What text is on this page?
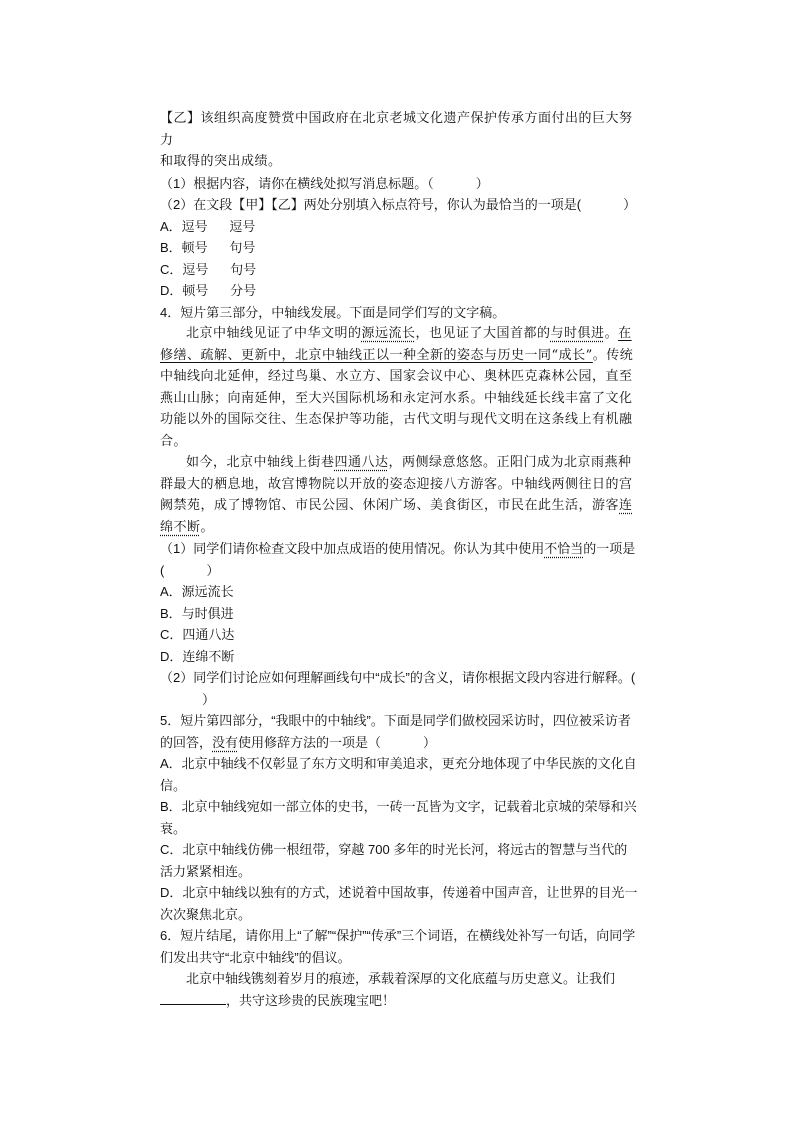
【乙】该组织高度赞赏中国政府在北京老城文化遗产保护传承方面付出的巨大努力
和取得的突出成绩。

（1）根据内容，请你在横线处拟写消息标题。（	）

（2）在文段【甲】【乙】两处分别填入标点符号，你认为最恰当的一项是(	）

A．逗号 逗号

B．顿号 句号

C．逗号 句号

D．顿号 分号

4．短片第三部分，中轴线发展。下面是同学们写的文字稿。

北京中轴线见证了中华文明的源远流长，也见证了大国首都的与时俱进。在修缮、疏解、更新中，北京中轴线正以一种全新的姿态与历史一同“成长”。传统中轴线向北延伸，经过鸟巢、水立方、国家会议中心、奥林匹克森林公园，直至燕山山脉；向南延伸，至大兴国际机场和永定河水系。中轴线延长线丰富了文化功能以外的国际交往、生态保护等功能，古代文明与现代文明在这条线上有机融合。

如今，北京中轴线上街巷四通八达，两侧绿意悠悠。正阳门成为北京雨燕种群最大的栖息地，故宫博物院以开放的姿态迎接八方游客。中轴线两侧往日的宫阙禁苑，成了博物馆、市民公园、休闲广场、美食街区，市民在此生活，游客连绵不断。

（1）同学们请你检查文段中加点成语的使用情况。你认为其中使用不恰当的一项是(	）

A．源远流长

B．与时俱进

C．四通八达

D．连绵不断

（2）同学们讨论应如何理解画线句中“成长”的含义，请你根据文段内容进行解释。(）

5．短片第四部分，“我眼中的中轴线”。下面是同学们做校园采访时，四位被采访者的回答，没有使用修辞方法的一项是（	）

A．北京中轴线不仅彰显了东方文明和审美追求，更充分地体现了中华民族的文化自信。

B．北京中轴线宛如一部立体的史书，一砖一瓦皆为文字，记载着北京城的荣辱和兴衰。

C．北京中轴线仿佛一根纽带，穿越 700 多年的时光长河，将远古的智慧与当代的活力紧紧相连。

D．北京中轴线以独有的方式，述说着中国故事，传递着中国声音，让世界的目光一次次聚焦北京。

6．短片结尾，请你用上“了解”“保护”“传承”三个词语，在横线处补写一句话，向同学们发出共守“北京中轴线”的倡议。

北京中轴线镌刻着岁月的痕迹，承载着深厚的文化底蕴与历史意义。让我们，共守这珍贵的民族瑰宝吧！
